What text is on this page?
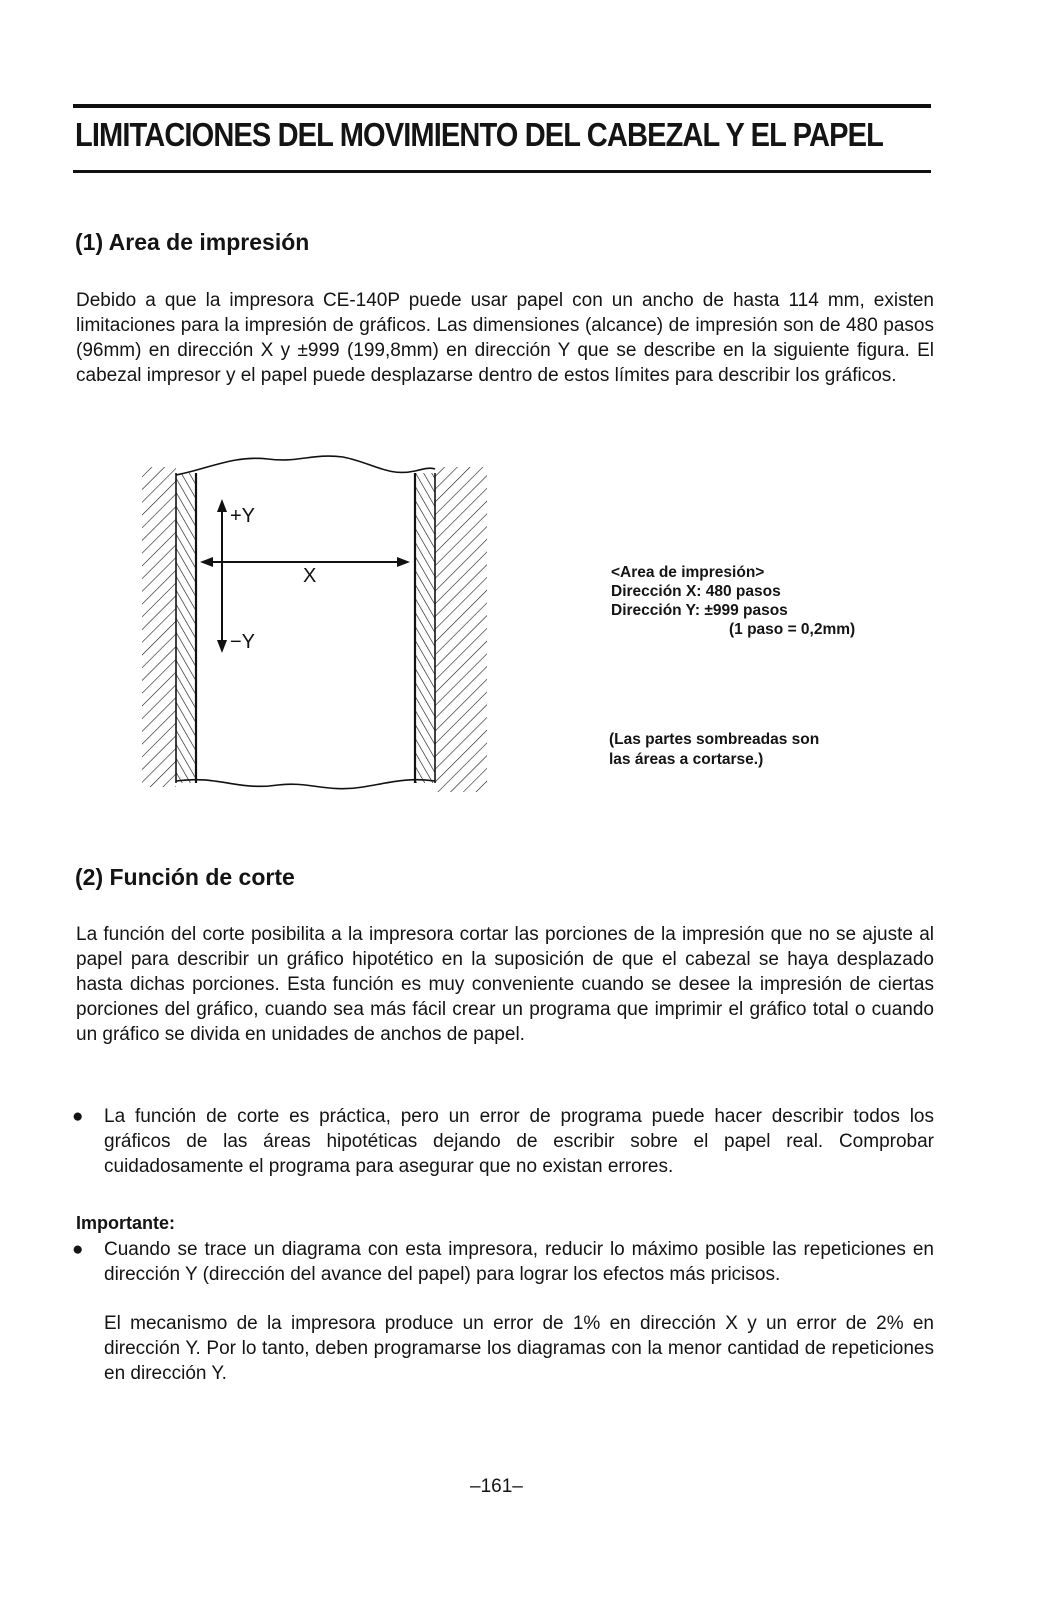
LIMITACIONES DEL MOVIMIENTO DEL CABEZAL Y EL PAPEL
(1) Area de impresión

Debido a que la impresora CE-140P puede usar papel con un ancho de hasta 114 mm, existen limitaciones para la impresión de gráficos. Las dimensiones (alcance) de impresión son de 480 pasos (96mm) en dirección X y ±999 (199,8mm) en dirección Y que se describe en la siguiente figura. El cabezal impresor y el papel puede desplazarse dentro de estos límites para describir los gráficos.

+Y
−Y
X	<Area de impresión>
Dirección X: 480 pasos
Dirección Y: ±999 pasos
(1 paso = 0,2mm)
(Las partes sombreadas son
las áreas a cortarse.)
(2) Función de corte

La función del corte posibilita a la impresora cortar las porciones de la impresión que no se ajuste al papel para describir un gráfico hipotético en la suposición de que el cabezal se haya desplazado hasta dichas porciones. Esta función es muy conveniente cuando se desee la impresión de ciertas porciones del gráfico, cuando sea más fácil crear un programa que imprimir el gráfico total o cuando un gráfico se divida en unidades de anchos de papel.

●	La función de corte es práctica, pero un error de programa puede hacer describir todos los gráficos de las áreas hipotéticas dejando de escribir sobre el papel real. Comprobar cuidadosamente el programa para asegurar que no existan errores.

Importante:
●	Cuando se trace un diagrama con esta impresora, reducir lo máximo posible las repeticiones en dirección Y (dirección del avance del papel) para lograr los efectos más pricisos.

El mecanismo de la impresora produce un error de 1% en dirección X y un error de 2% en dirección Y. Por lo tanto, deben programarse los diagramas con la menor cantidad de repeticiones en dirección Y.

–161–
